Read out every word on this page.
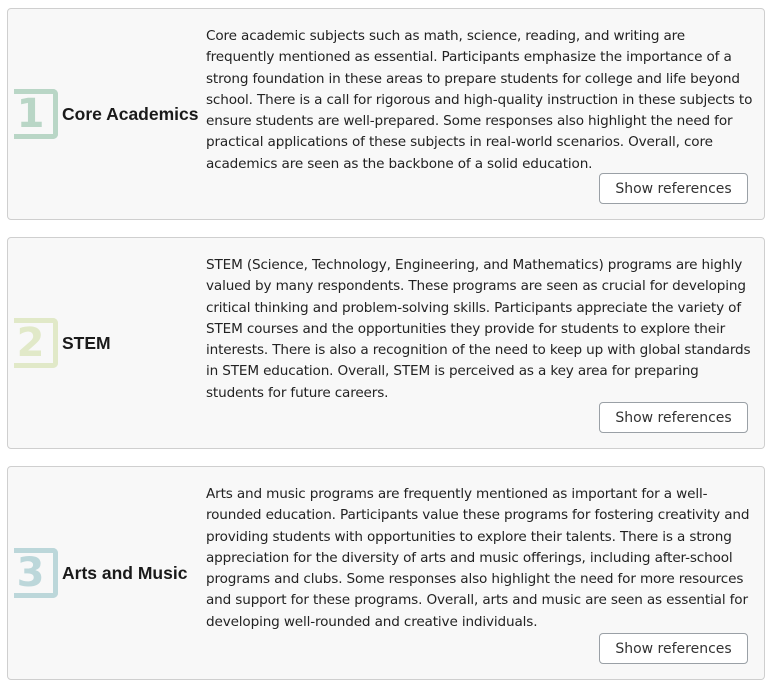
1 Core Academics

Core academic subjects such as math, science, reading, and writing are frequently mentioned as essential. Participants emphasize the importance of a strong foundation in these areas to prepare students for college and life beyond school. There is a call for rigorous and high-quality instruction in these subjects to ensure students are well-prepared. Some responses also highlight the need for practical applications of these subjects in real-world scenarios. Overall, core academics are seen as the backbone of a solid education.

Show references
2 STEM

STEM (Science, Technology, Engineering, and Mathematics) programs are highly valued by many respondents. These programs are seen as crucial for developing critical thinking and problem-solving skills. Participants appreciate the variety of STEM courses and the opportunities they provide for students to explore their interests. There is also a recognition of the need to keep up with global standards in STEM education. Overall, STEM is perceived as a key area for preparing students for future careers.

Show references
3 Arts and Music

Arts and music programs are frequently mentioned as important for a well-rounded education. Participants value these programs for fostering creativity and providing students with opportunities to explore their talents. There is a strong appreciation for the diversity of arts and music offerings, including after-school programs and clubs. Some responses also highlight the need for more resources and support for these programs. Overall, arts and music are seen as essential for developing well-rounded and creative individuals.

Show references
